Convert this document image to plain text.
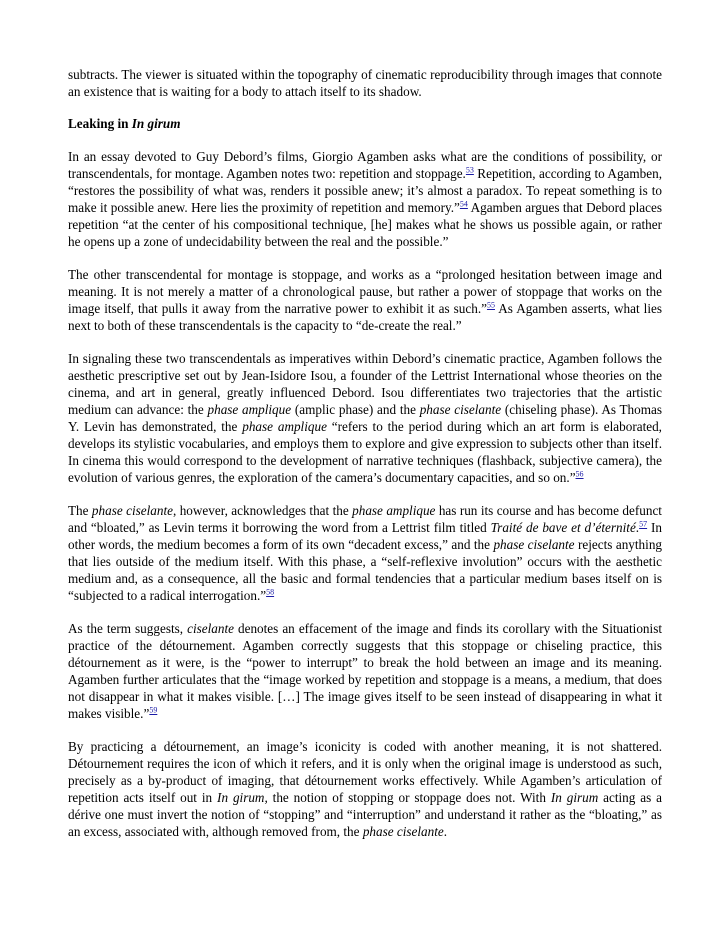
subtracts. The viewer is situated within the topography of cinematic reproducibility through images that connote an existence that is waiting for a body to attach itself to its shadow.

Leaking in In girum

In an essay devoted to Guy Debord’s films, Giorgio Agamben asks what are the conditions of possibility, or transcendentals, for montage. Agamben notes two: repetition and stoppage.$^{53}$ Repetition, according to Agamben, “restores the possibility of what was, renders it possible anew; it’s almost a paradox. To repeat something is to make it possible anew. Here lies the proximity of repetition and memory.”$^{54}$ Agamben argues that Debord places repetition “at the center of his compositional technique, [he] makes what he shows us possible again, or rather he opens up a zone of undecidability between the real and the possible.”

The other transcendental for montage is stoppage, and works as a “prolonged hesitation between image and meaning. It is not merely a matter of a chronological pause, but rather a power of stoppage that works on the image itself, that pulls it away from the narrative power to exhibit it as such.”$^{55}$ As Agamben asserts, what lies next to both of these transcendentals is the capacity to “de-create the real.”

In signaling these two transcendentals as imperatives within Debord’s cinematic practice, Agamben follows the aesthetic prescriptive set out by Jean-Isidore Isou, a founder of the Lettrist International whose theories on the cinema, and art in general, greatly influenced Debord. Isou differentiates two trajectories that the artistic medium can advance: the phase amplique (amplic phase) and the phase ciselante (chiseling phase). As Thomas Y. Levin has demonstrated, the phase amplique “refers to the period during which an art form is elaborated, develops its stylistic vocabularies, and employs them to explore and give expression to subjects other than itself. In cinema this would correspond to the development of narrative techniques (flashback, subjective camera), the evolution of various genres, the exploration of the camera’s documentary capacities, and so on.”$^{56}$

The phase ciselante, however, acknowledges that the phase amplique has run its course and has become defunct and “bloated,” as Levin terms it borrowing the word from a Lettrist film titled Traité de bave et d’éternité.$^{57}$ In other words, the medium becomes a form of its own “decadent excess,” and the phase ciselante rejects anything that lies outside of the medium itself. With this phase, a “self-reflexive involution” occurs with the aesthetic medium and, as a consequence, all the basic and formal tendencies that a particular medium bases itself on is “subjected to a radical interrogation.”$^{58}$

As the term suggests, ciselante denotes an effacement of the image and finds its corollary with the Situationist practice of the détournement. Agamben correctly suggests that this stoppage or chiseling practice, this détournement as it were, is the “power to interrupt” to break the hold between an image and its meaning. Agamben further articulates that the “image worked by repetition and stoppage is a means, a medium, that does not disappear in what it makes visible. […] The image gives itself to be seen instead of disappearing in what it makes visible.”$^{59}$

By practicing a détournement, an image’s iconicity is coded with another meaning, it is not shattered. Détournement requires the icon of which it refers, and it is only when the original image is understood as such, precisely as a by-product of imaging, that détournement works effectively. While Agamben’s articulation of repetition acts itself out in In girum, the notion of stopping or stoppage does not. With In girum acting as a dérive one must invert the notion of “stopping” and “interruption” and understand it rather as the “bloating,” as an excess, associated with, although removed from, the phase ciselante.
